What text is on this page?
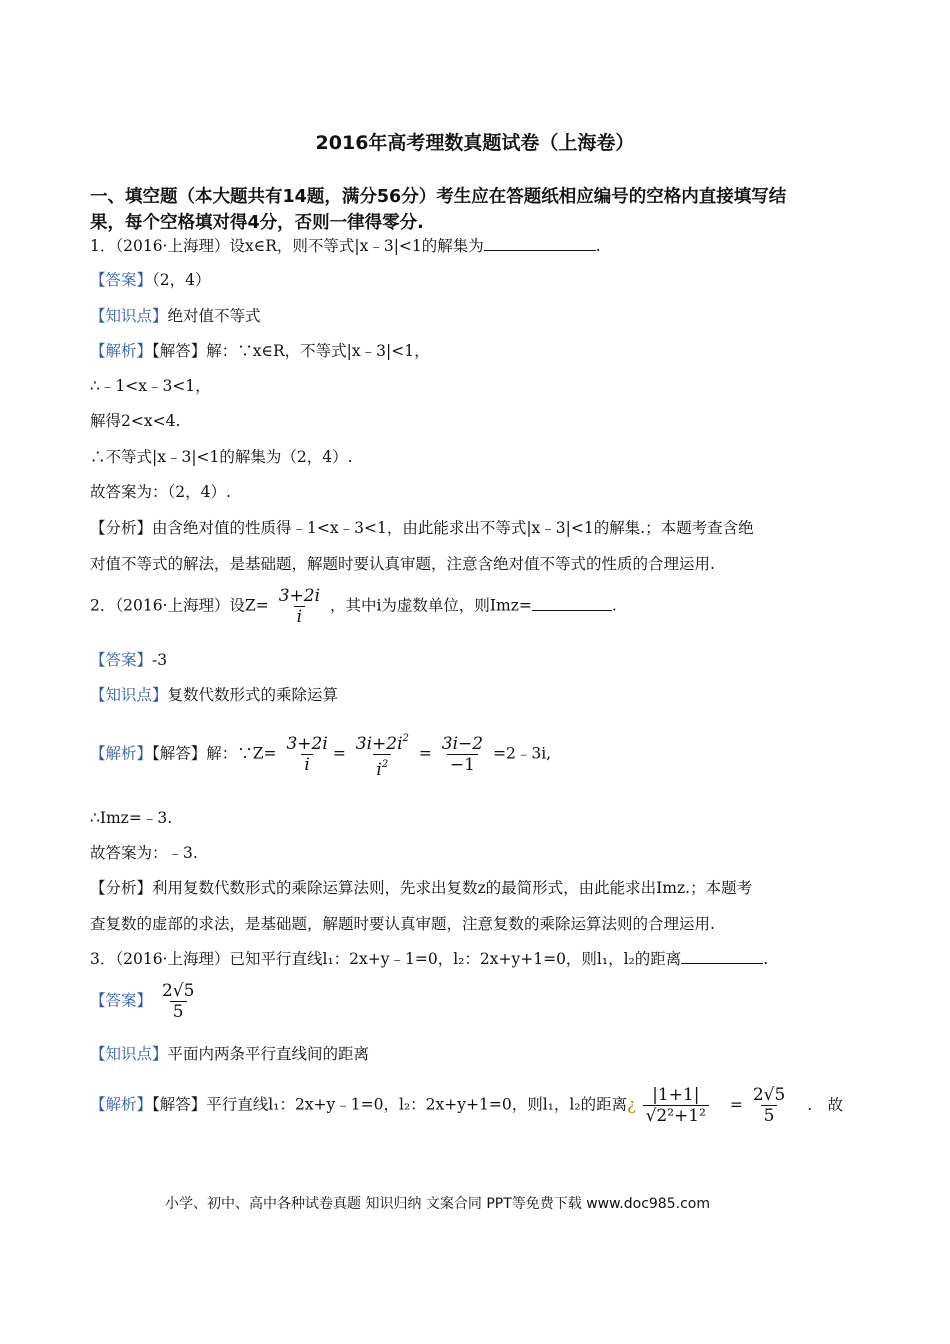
2016年高考理数真题试卷（上海卷）
一、填空题（本大题共有14题，满分56分）考生应在答题纸相应编号的空格内直接填写结
果，每个空格填对得4分，否则一律得零分.
1．（2016·上海理）设x∈R，则不等式|x﹣3|<1的解集为	.
【答案】（2，4）
【知识点】绝对值不等式
【解析】【解答】解：∵x∈R，不等式|x﹣3|<1，
∴﹣1<x﹣3<1，
解得2<x<4.
∴不等式|x﹣3|<1的解集为（2，4）.
故答案为：（2，4）.
【分析】由含绝对值的性质得﹣1<x﹣3<1，由此能求出不等式|x﹣3|<1的解集.；本题考查含绝
对值不等式的解法，是基础题，解题时要认真审题，注意含绝对值不等式的性质的合理运用.
2．（2016·上海理）设$Z= \frac{3+2i}{i}$ ，其中i为虚数单位，则Imz=	.
【答案】-3
【知识点】复数代数形式的乘除运算
【解析】【解答】解：∵Z= $\frac{3+2i}{i} = \frac{3i+2i^2}{i^2} = \frac{3i-2}{-1}$ =2﹣3i,
∴Imz=﹣3.
故答案为：﹣3.
【分析】利用复数代数形式的乘除运算法则，先求出复数z的最简形式，由此能求出Imz.；本题考
查复数的虚部的求法，是基础题，解题时要认真审题，注意复数的乘除运算法则的合理运用.
3．（2016·上海理）已知平行直线l₁：2x+y﹣1=0，l₂：2x+y+1=0，则l₁，l₂的距离	.
【答案】 $\frac{2√5}{5}$
【知识点】平面内两条平行直线间的距离
【解析】【解答】平行直线l₁：2x+y﹣1=0，l₂：2x+y+1=0，则l₁，l₂的距离¿ $\frac{|1+1|}{\text{√2²+1²}} = \frac{2√5}{5}$ .　故
小学、初中、高中各种试卷真题 知识归纳 文案合同 PPT等免费下载 www.doc985.com
